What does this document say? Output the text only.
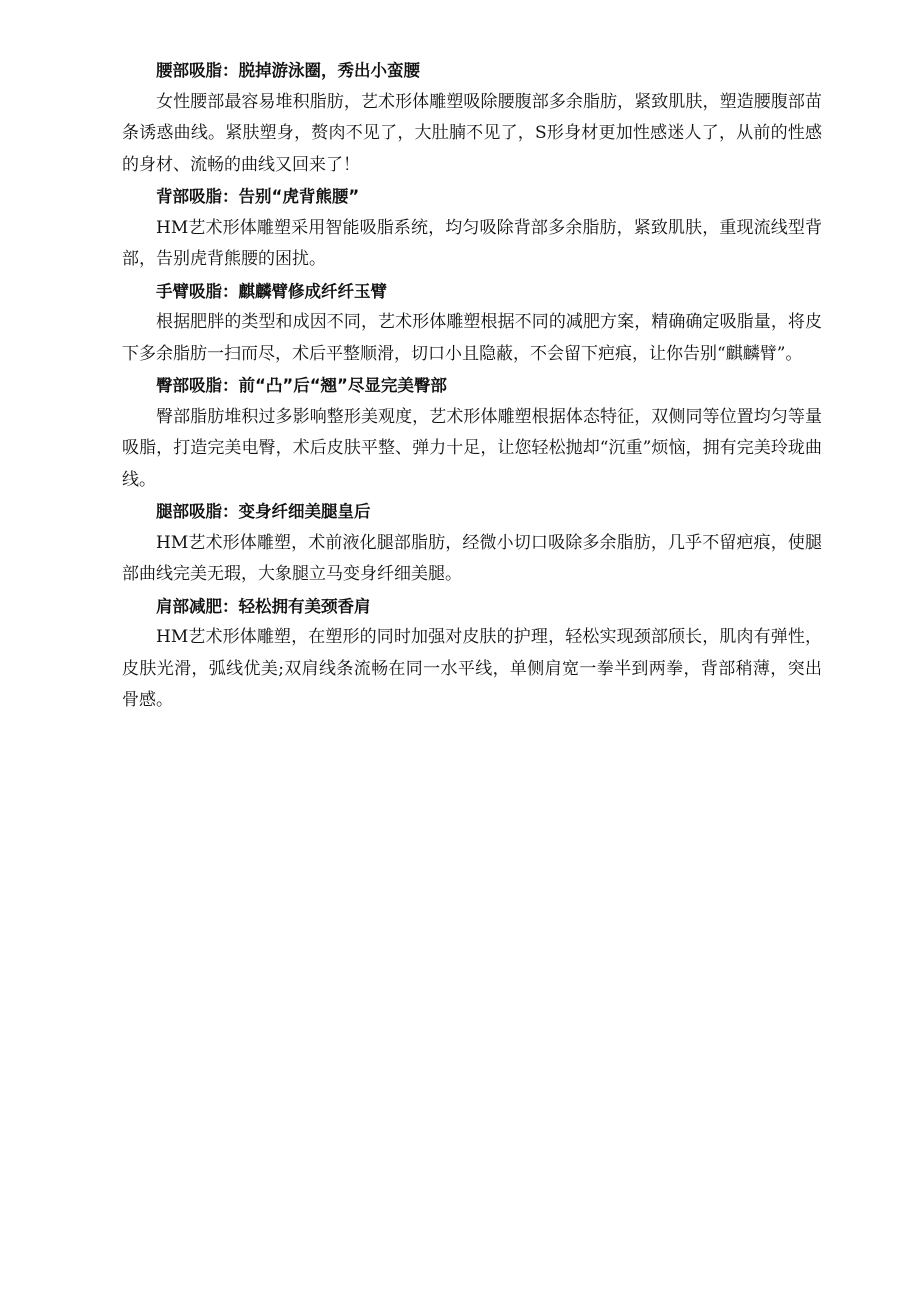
腰部吸脂：脱掉游泳圈，秀出小蛮腰

女性腰部最容易堆积脂肪，艺术形体雕塑吸除腰腹部多余脂肪，紧致肌肤，塑造腰腹部苗条诱惑曲线。紧肤塑身，赘肉不见了，大肚腩不见了，S形身材更加性感迷人了，从前的性感的身材、流畅的曲线又回来了！

背部吸脂：告别“虎背熊腰”

HM艺术形体雕塑采用智能吸脂系统，均匀吸除背部多余脂肪，紧致肌肤，重现流线型背部，告别虎背熊腰的困扰。

手臂吸脂：麒麟臂修成纤纤玉臂

根据肥胖的类型和成因不同，艺术形体雕塑根据不同的减肥方案，精确确定吸脂量，将皮下多余脂肪一扫而尽，术后平整顺滑，切口小且隐蔽，不会留下疤痕，让你告别“麒麟臂”。

臀部吸脂：前“凸”后“翘”尽显完美臀部

臀部脂肪堆积过多影响整形美观度，艺术形体雕塑根据体态特征，双侧同等位置均匀等量吸脂，打造完美电臀，术后皮肤平整、弹力十足，让您轻松抛却“沉重”烦恼，拥有完美玲珑曲线。

腿部吸脂：变身纤细美腿皇后

HM艺术形体雕塑，术前液化腿部脂肪，经微小切口吸除多余脂肪，几乎不留疤痕，使腿部曲线完美无瑕，大象腿立马变身纤细美腿。

肩部减肥：轻松拥有美颈香肩

HM艺术形体雕塑，在塑形的同时加强对皮肤的护理，轻松实现颈部颀长，肌肉有弹性，皮肤光滑，弧线优美;双肩线条流畅在同一水平线，单侧肩宽一拳半到两拳，背部稍薄，突出骨感。
